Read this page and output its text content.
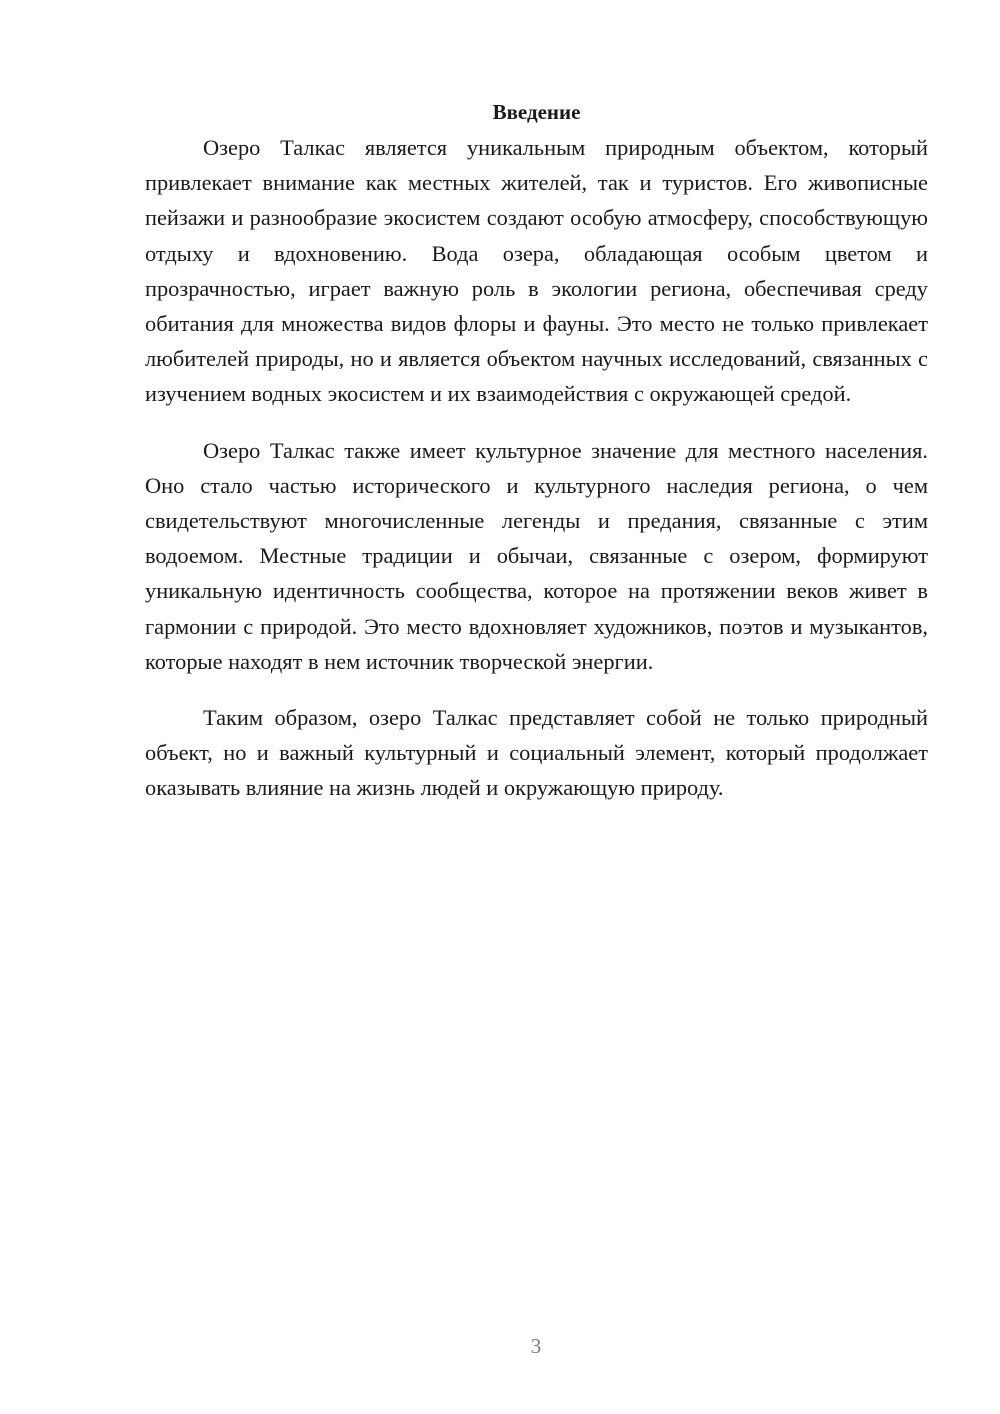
Введение

Озеро Талкас является уникальным природным объектом, который привлекает внимание как местных жителей, так и туристов. Его живописные пейзажи и разнообразие экосистем создают особую атмосферу, способствующую отдыху и вдохновению. Вода озера, обладающая особым цветом и прозрачностью, играет важную роль в экологии региона, обеспечивая среду обитания для множества видов флоры и фауны. Это место не только привлекает любителей природы, но и является объектом научных исследований, связанных с изучением водных экосистем и их взаимодействия с окружающей средой.

Озеро Талкас также имеет культурное значение для местного населения. Оно стало частью исторического и культурного наследия региона, о чем свидетельствуют многочисленные легенды и предания, связанные с этим водоемом. Местные традиции и обычаи, связанные с озером, формируют уникальную идентичность сообщества, которое на протяжении веков живет в гармонии с природой. Это место вдохновляет художников, поэтов и музыкантов, которые находят в нем источник творческой энергии.

Таким образом, озеро Талкас представляет собой не только природный объект, но и важный культурный и социальный элемент, который продолжает оказывать влияние на жизнь людей и окружающую природу.

3
